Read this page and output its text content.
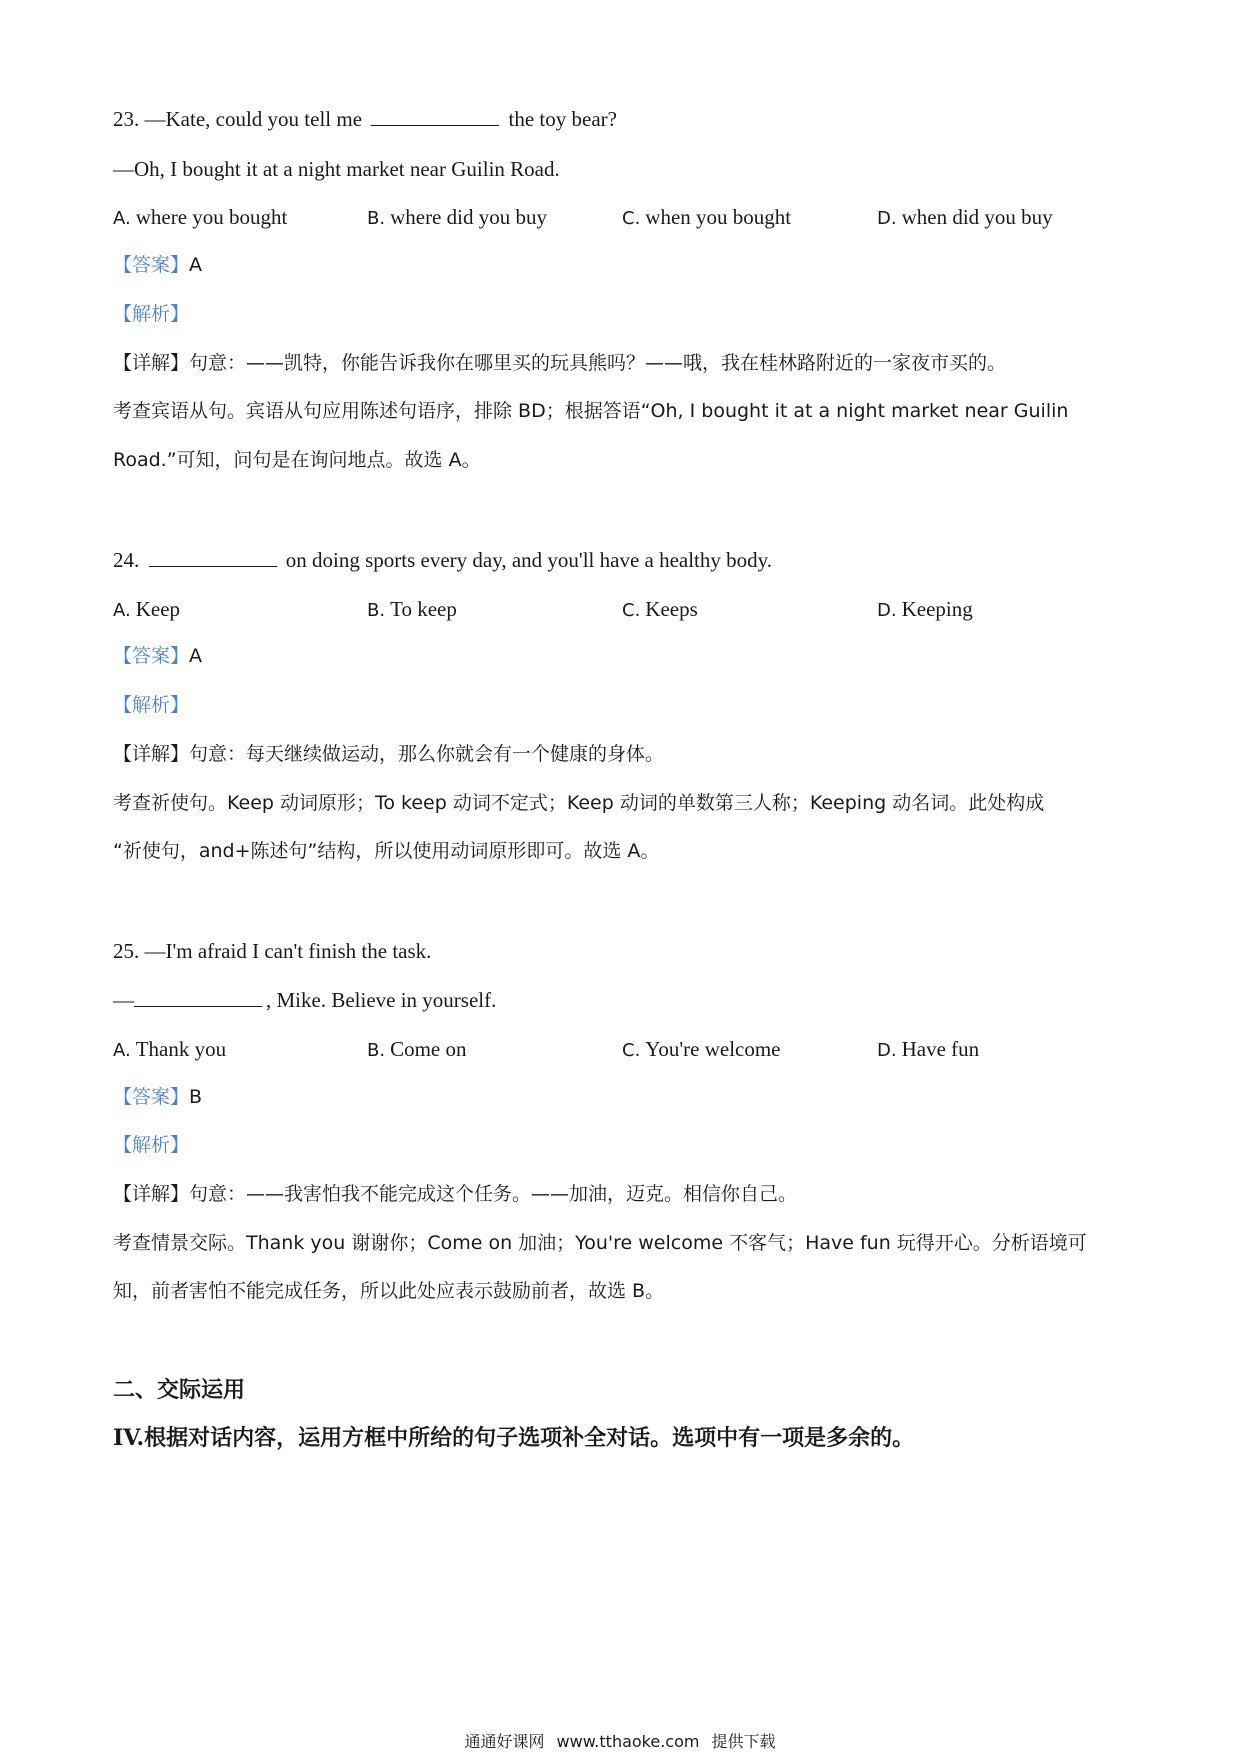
23. —Kate, could you tell me	the toy bear?
—Oh, I bought it at a night market near Guilin Road.
A. where you bought	B. where did you buy	C. when you bought	D. when did you buy
【答案】A
【解析】
【详解】句意：——凯特，你能告诉我你在哪里买的玩具熊吗？——哦，我在桂林路附近的一家夜市买的。
考查宾语从句。宾语从句应用陈述句语序，排除 BD；根据答语“Oh, I bought it at a night market near Guilin
Road.”可知，问句是在询问地点。故选 A。
24.	on doing sports every day, and you'll have a healthy body.
A. Keep	B. To keep	C. Keeps	D. Keeping
【答案】A
【解析】
【详解】句意：每天继续做运动，那么你就会有一个健康的身体。
考查祈使句。Keep 动词原形；To keep 动词不定式；Keep 动词的单数第三人称；Keeping 动名词。此处构成
“祈使句，and+陈述句”结构，所以使用动词原形即可。故选 A。
25. —I'm afraid I can't finish the task.
—	, Mike. Believe in yourself.
A. Thank you	B. Come on	C. You're welcome	D. Have fun
【答案】B
【解析】
【详解】句意：——我害怕我不能完成这个任务。——加油，迈克。相信你自己。
考查情景交际。Thank you 谢谢你；Come on 加油；You're welcome 不客气；Have fun 玩得开心。分析语境可
知，前者害怕不能完成任务，所以此处应表示鼓励前者，故选 B。
二、交际运用
IV.根据对话内容，运用方框中所给的句子选项补全对话。选项中有一项是多余的。
通通好课网 www.tthaoke.com 提供下载
